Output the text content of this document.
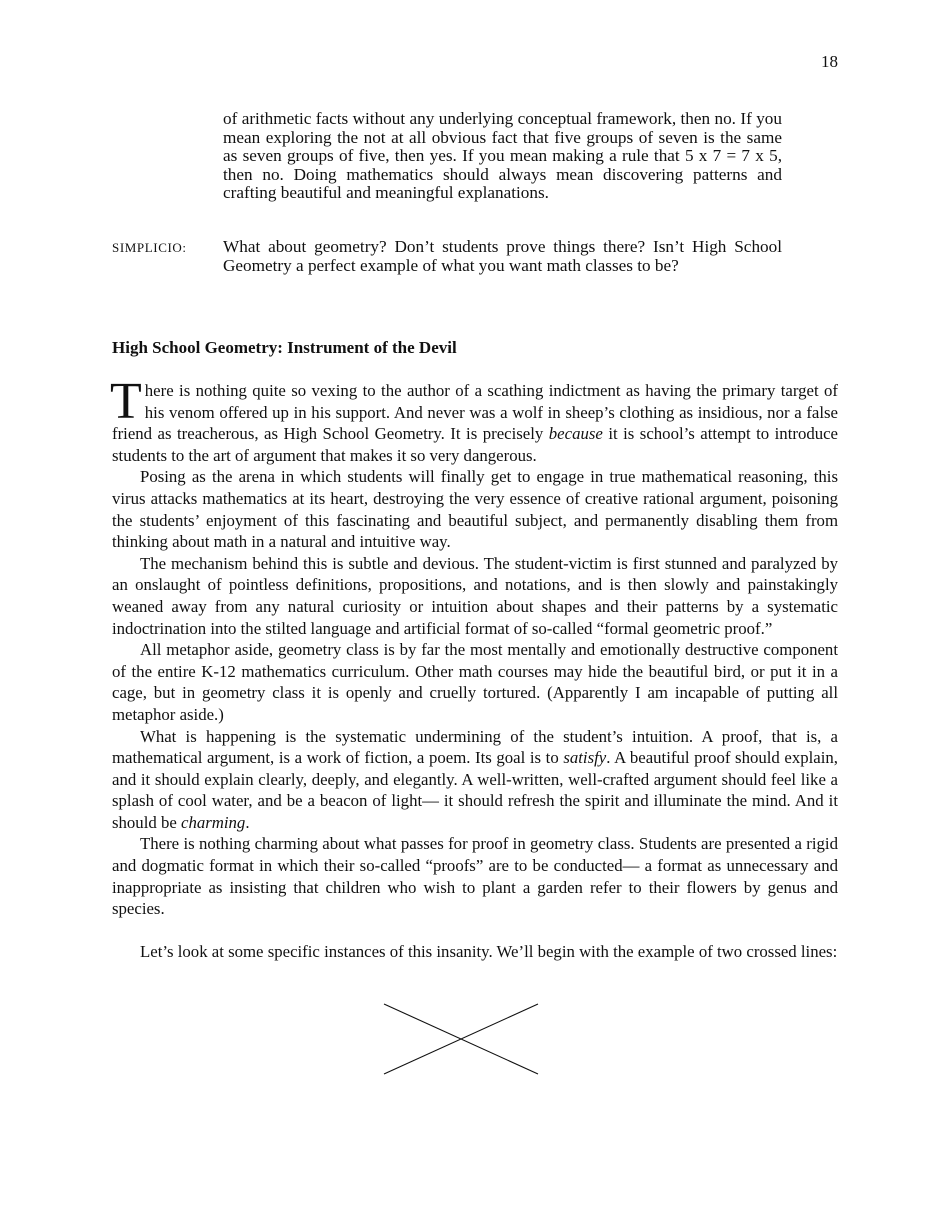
18
of arithmetic facts without any underlying conceptual framework, then no. If you mean exploring the not at all obvious fact that five groups of seven is the same as seven groups of five, then yes. If you mean making a rule that 5 x 7 = 7 x 5, then no. Doing mathematics should always mean discovering patterns and crafting beautiful and meaningful explanations.
SIMPLICIO: What about geometry? Don’t students prove things there? Isn’t High School Geometry a perfect example of what you want math classes to be?
High School Geometry: Instrument of the Devil

There is nothing quite so vexing to the author of a scathing indictment as having the primary target of his venom offered up in his support. And never was a wolf in sheep’s clothing as insidious, nor a false friend as treacherous, as High School Geometry. It is precisely because it is school’s attempt to introduce students to the art of argument that makes it so very dangerous.

Posing as the arena in which students will finally get to engage in true mathematical reasoning, this virus attacks mathematics at its heart, destroying the very essence of creative rational argument, poisoning the students’ enjoyment of this fascinating and beautiful subject, and permanently disabling them from thinking about math in a natural and intuitive way.

The mechanism behind this is subtle and devious. The student-victim is first stunned and paralyzed by an onslaught of pointless definitions, propositions, and notations, and is then slowly and painstakingly weaned away from any natural curiosity or intuition about shapes and their patterns by a systematic indoctrination into the stilted language and artificial format of so-called “formal geometric proof.”

All metaphor aside, geometry class is by far the most mentally and emotionally destructive component of the entire K-12 mathematics curriculum. Other math courses may hide the beautiful bird, or put it in a cage, but in geometry class it is openly and cruelly tortured. (Apparently I am incapable of putting all metaphor aside.)

What is happening is the systematic undermining of the student’s intuition. A proof, that is, a mathematical argument, is a work of fiction, a poem. Its goal is to satisfy. A beautiful proof should explain, and it should explain clearly, deeply, and elegantly. A well-written, well-crafted argument should feel like a splash of cool water, and be a beacon of light— it should refresh the spirit and illuminate the mind. And it should be charming.

There is nothing charming about what passes for proof in geometry class. Students are presented a rigid and dogmatic format in which their so-called “proofs” are to be conducted— a format as unnecessary and inappropriate as insisting that children who wish to plant a garden refer to their flowers by genus and species.

Let’s look at some specific instances of this insanity. We’ll begin with the example of two crossed lines:
